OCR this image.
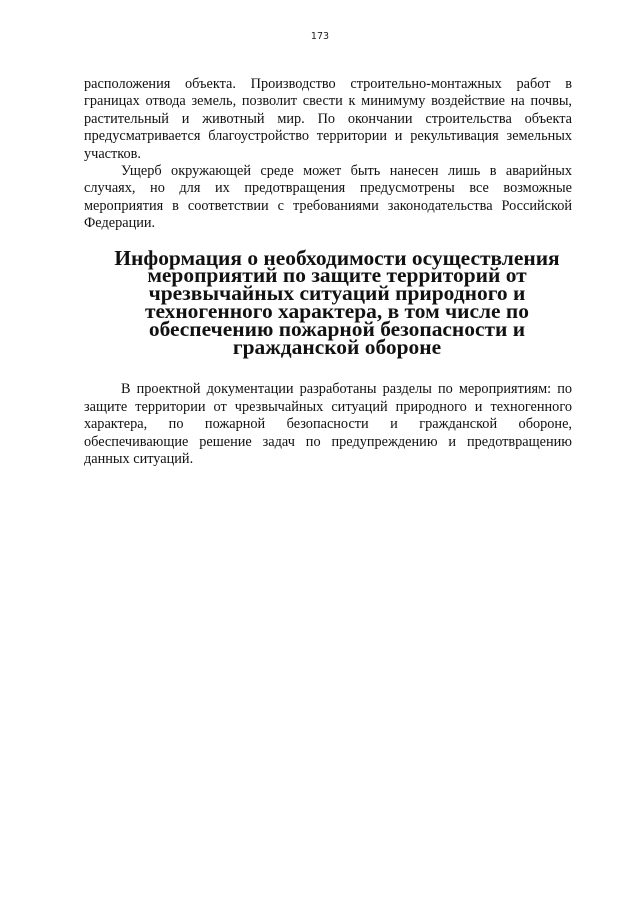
173

расположения объекта. Производство строительно-монтажных работ в границах отвода земель, позволит свести к минимуму воздействие на почвы, растительный и животный мир. По окончании строительства объекта предусматривается благоустройство территории и рекультивация земельных участков.

Ущерб окружающей среде может быть нанесен лишь в аварийных случаях, но для их предотвращения предусмотрены все возможные мероприятия в соответствии с требованиями законодательства Российской Федерации.

Информация о необходимости осуществления мероприятий по защите территорий от чрезвычайных ситуаций природного и техногенного характера, в том числе по обеспечению пожарной безопасности и гражданской обороне

В проектной документации разработаны разделы по мероприятиям: по защите территории от чрезвычайных ситуаций природного и техногенного характера, по пожарной безопасности и гражданской обороне, обеспечивающие решение задач по предупреждению и предотвращению данных ситуаций.
